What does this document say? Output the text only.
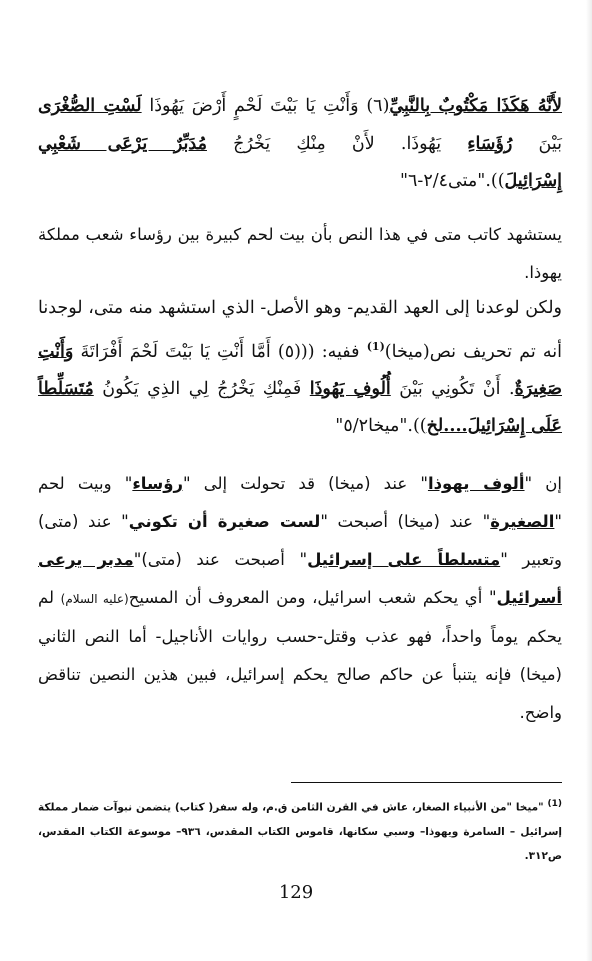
لأَنَّهُ هَكَذَا مَكْتُوبٌ بِالنَّبِيِّ(٦) وَأَنْتِ يَا بَيْتَ لَحْمٍ أَرْضَ يَهُوذَا لَسْتِ الصُّغْرَى بَيْنَ رُؤَسَاءِ يَهُوذَا. لأَنْ مِنْكِ يَخْرُجُ مُدَبِّرٌ يَرْعَى شَعْبِي إِسْرَائِيلَ))."متى٢/٤-٦"

يستشهد كاتب متى في هذا النص بأن بيت لحم كبيرة بين رؤساء شعب مملكة يهوذا.

ولكن لوعدنا إلى العهد القديم- وهو الأصل- الذي استشهد منه متى، لوجدنا أنه تم تحريف نص(ميخا)$^{(1)}$ ففيه: (((٥) أَمَّا أَنْتِ يَا بَيْتَ لَحْمَ أَفْرَاتَةَ وَأَنْتِ صَغِيرَةٌ. أَنْ تَكُونِي بَيْنَ أُلُوفِ يَهُوذَا فَمِنْكِ يَخْرُجُ لِي الذِي يَكُونُ مُتَسَلِّطاً عَلَى إِسْرَائِيلَ....لخ))."ميخا٥/٢"

إن "ألوف يهوذا" عند (ميخا) قد تحولت إلى "رؤساء" وبيت لحم "الصغيرة" عند (ميخا) أصبحت "لست صغيرة أن تكوني" عند (متى) وتعبير "متسلطاً على إسرائيل" أصبحت عند (متى)"مدبر يرعى أسرائيل" أي يحكم شعب اسرائيل، ومن المعروف أن المسيح(عليه السلام) لم يحكم يوماً واحداً، فهو عذب وقتل-حسب روايات الأناجيل- أما النص الثاني (ميخا) فإنه يتنبأ عن حاكم صالح يحكم إسرائيل، فبين هذين النصين تناقض واضح.

$^{(1)}$ "ميخا "من الأنبياء الصغار، عاش في القرن الثامن ق.م، وله سفر( كتاب) يتضمن نبوآت ضمار مملكة إسرائيل – السامرة ويهوذا– وسبي سكانها، قاموس الكتاب المقدس، ٩٣٦– موسوعة الكتاب المقدس، ص٣١٢.

129
